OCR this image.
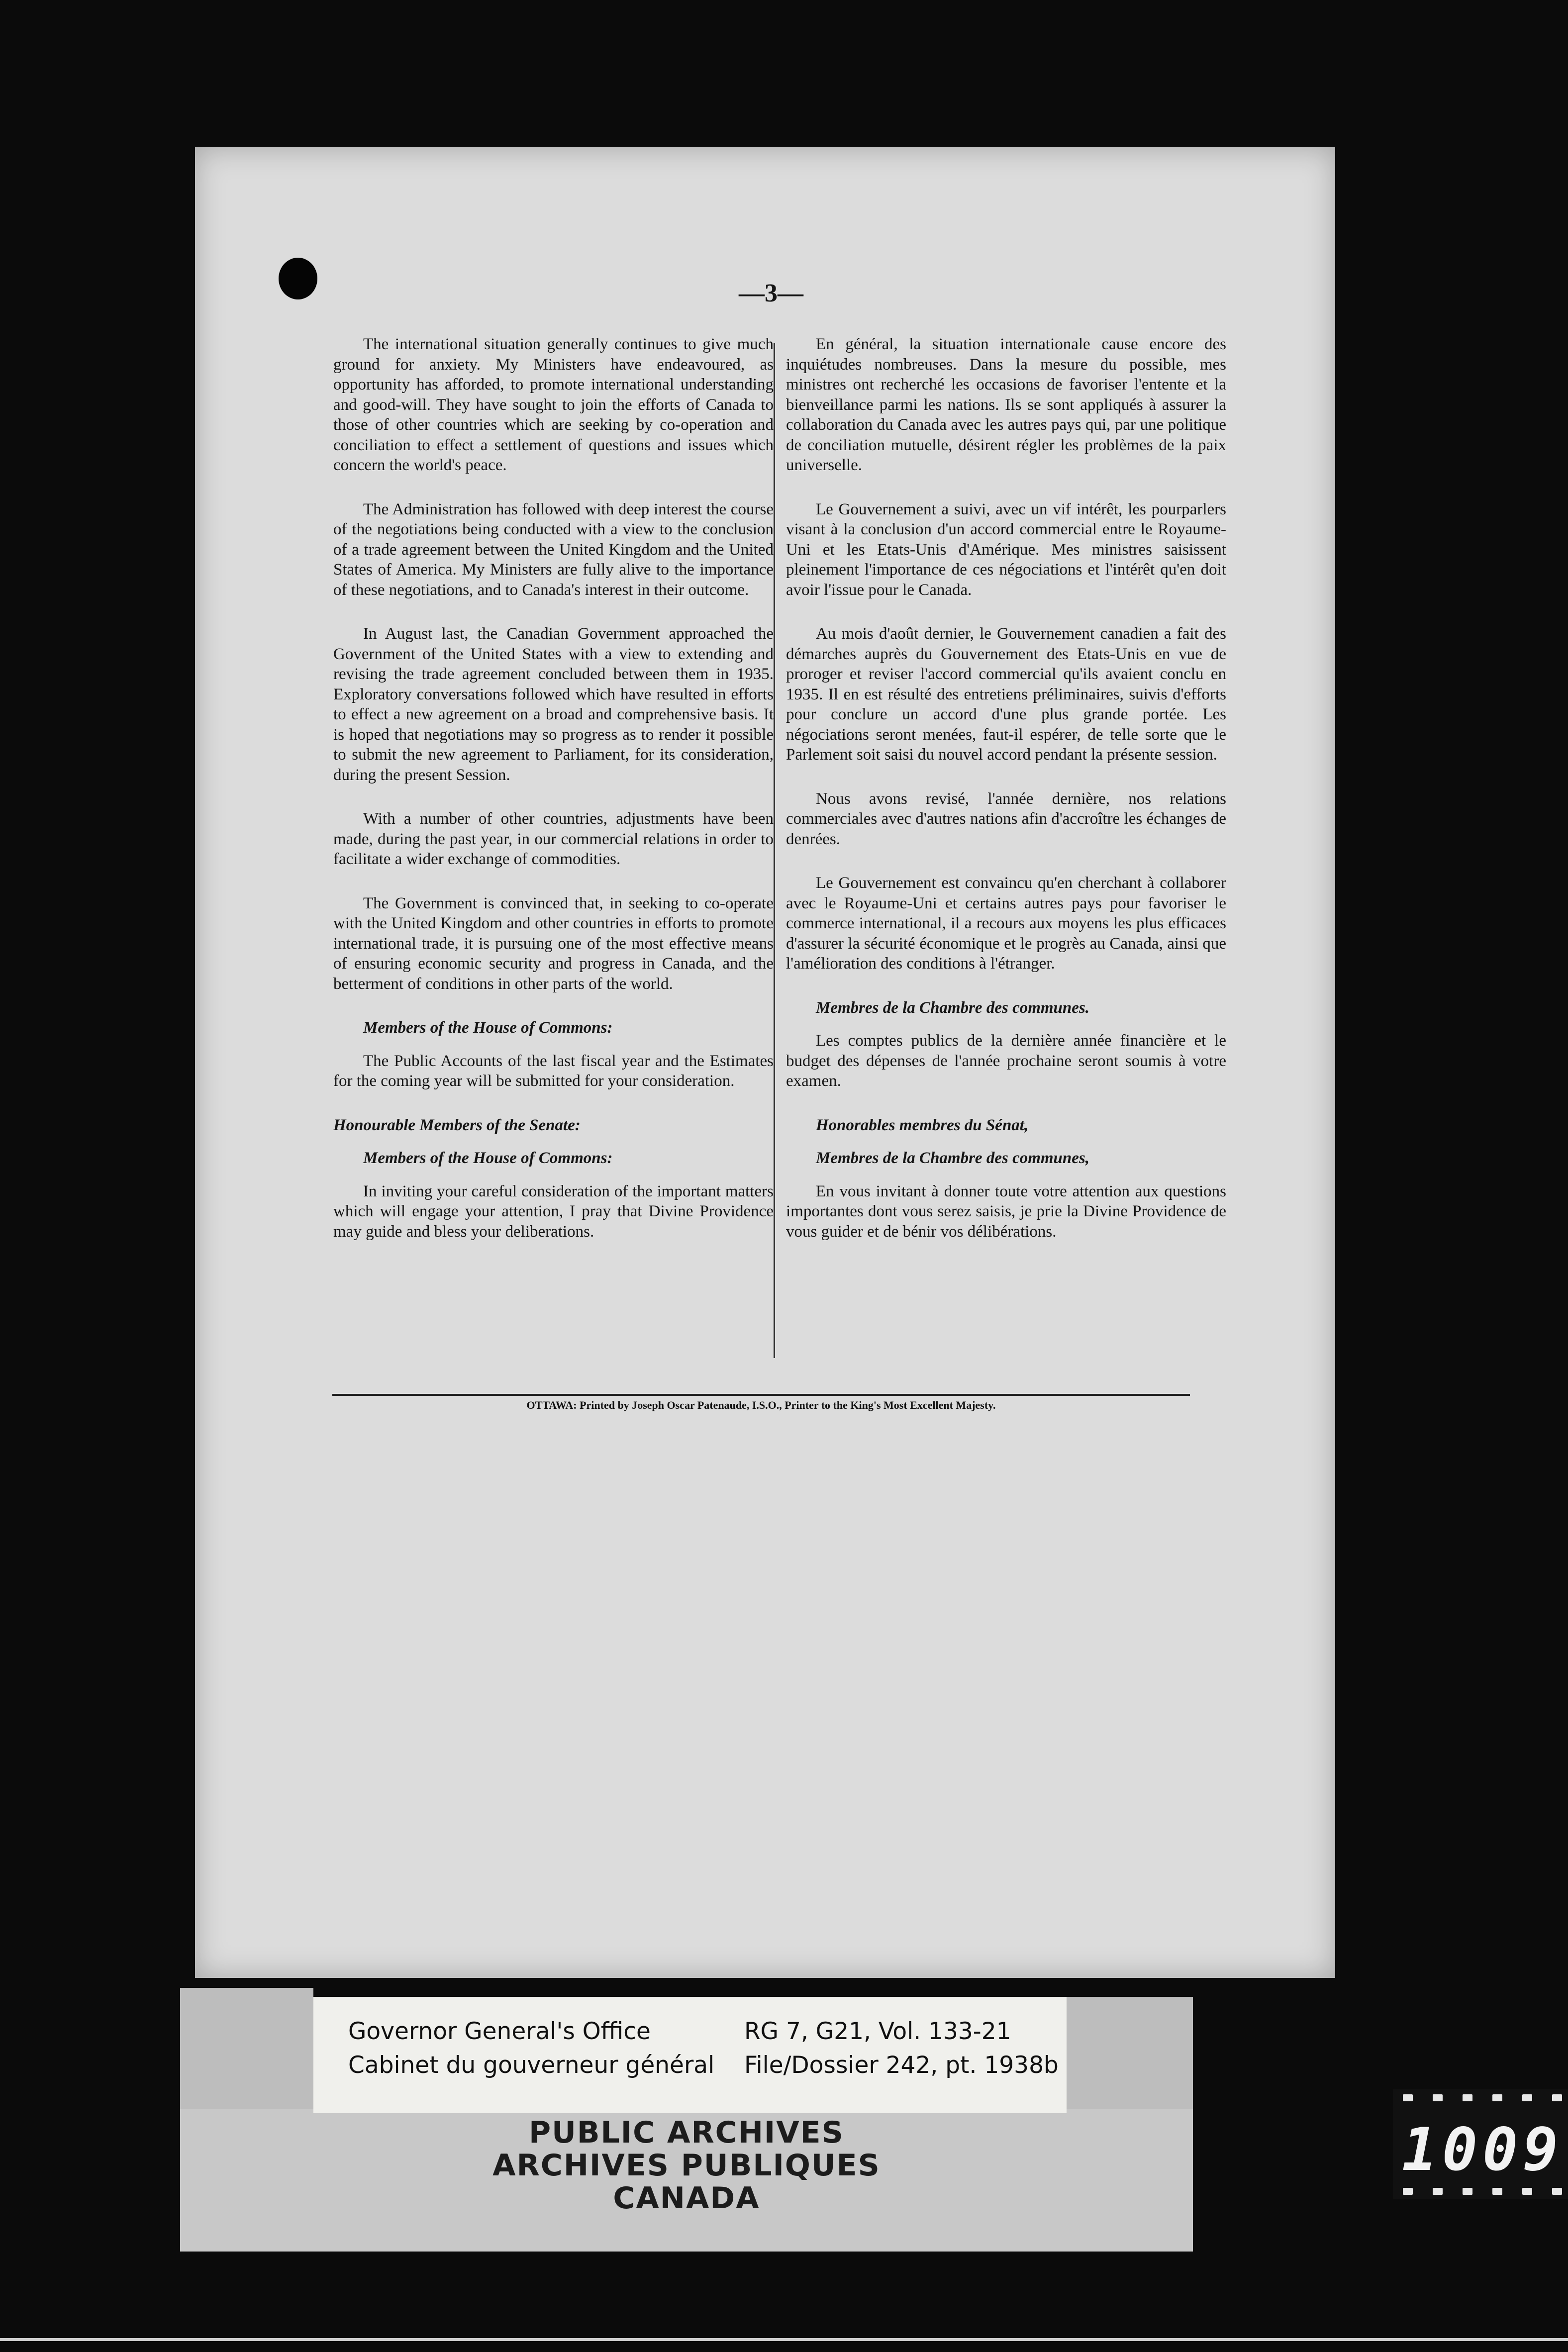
—3—

The international situation generally continues to give much ground for anxiety. My Ministers have endeavoured, as opportunity has afforded, to promote international understanding and good-will. They have sought to join the efforts of Canada to those of other countries which are seeking by co-operation and conciliation to effect a settlement of questions and issues which concern the world's peace.

The Administration has followed with deep interest the course of the negotiations being conducted with a view to the conclusion of a trade agreement between the United Kingdom and the United States of America. My Ministers are fully alive to the importance of these negotiations, and to Canada's interest in their outcome.

In August last, the Canadian Government approached the Government of the United States with a view to extending and revising the trade agreement concluded between them in 1935. Exploratory conversations followed which have resulted in efforts to effect a new agreement on a broad and comprehensive basis. It is hoped that negotiations may so progress as to render it possible to submit the new agreement to Parliament, for its consideration, during the present Session.

With a number of other countries, adjustments have been made, during the past year, in our commercial relations in order to facilitate a wider exchange of commodities.

The Government is convinced that, in seeking to co-operate with the United Kingdom and other countries in efforts to promote international trade, it is pursuing one of the most effective means of ensuring economic security and progress in Canada, and the betterment of conditions in other parts of the world.

Members of the House of Commons:

The Public Accounts of the last fiscal year and the Estimates for the coming year will be submitted for your consideration.

Honourable Members of the Senate:

Members of the House of Commons:

In inviting your careful consideration of the important matters which will engage your attention, I pray that Divine Providence may guide and bless your deliberations.

En général, la situation internationale cause encore des inquiétudes nombreuses. Dans la mesure du possible, mes ministres ont recherché les occasions de favoriser l'entente et la bienveillance parmi les nations. Ils se sont appliqués à assurer la collaboration du Canada avec les autres pays qui, par une politique de conciliation mutuelle, désirent régler les problèmes de la paix universelle.

Le Gouvernement a suivi, avec un vif intérêt, les pourparlers visant à la conclusion d'un accord commercial entre le Royaume-Uni et les Etats-Unis d'Amérique. Mes ministres saisissent pleinement l'importance de ces négociations et l'intérêt qu'en doit avoir l'issue pour le Canada.

Au mois d'août dernier, le Gouvernement canadien a fait des démarches auprès du Gouvernement des Etats-Unis en vue de proroger et reviser l'accord commercial qu'ils avaient conclu en 1935. Il en est résulté des entretiens préliminaires, suivis d'efforts pour conclure un accord d'une plus grande portée. Les négociations seront menées, faut-il espérer, de telle sorte que le Parlement soit saisi du nouvel accord pendant la présente session.

Nous avons revisé, l'année dernière, nos relations commerciales avec d'autres nations afin d'accroître les échanges de denrées.

Le Gouvernement est convaincu qu'en cherchant à collaborer avec le Royaume-Uni et certains autres pays pour favoriser le commerce international, il a recours aux moyens les plus efficaces d'assurer la sécurité économique et le progrès au Canada, ainsi que l'amélioration des conditions à l'étranger.

Membres de la Chambre des communes.

Les comptes publics de la dernière année financière et le budget des dépenses de l'année prochaine seront soumis à votre examen.

Honorables membres du Sénat,

Membres de la Chambre des communes,

En vous invitant à donner toute votre attention aux questions importantes dont vous serez saisis, je prie la Divine Providence de vous guider et de bénir vos délibérations.

OTTAWA: Printed by Joseph Oscar Patenaude, I.S.O., Printer to the King's Most Excellent Majesty.
Governor General's Office
Cabinet du gouverneur général
RG 7, G21, Vol. 133-21
File/Dossier 242, pt. 1938b
PUBLIC ARCHIVES
ARCHIVES PUBLIQUES
CANADA
1009
